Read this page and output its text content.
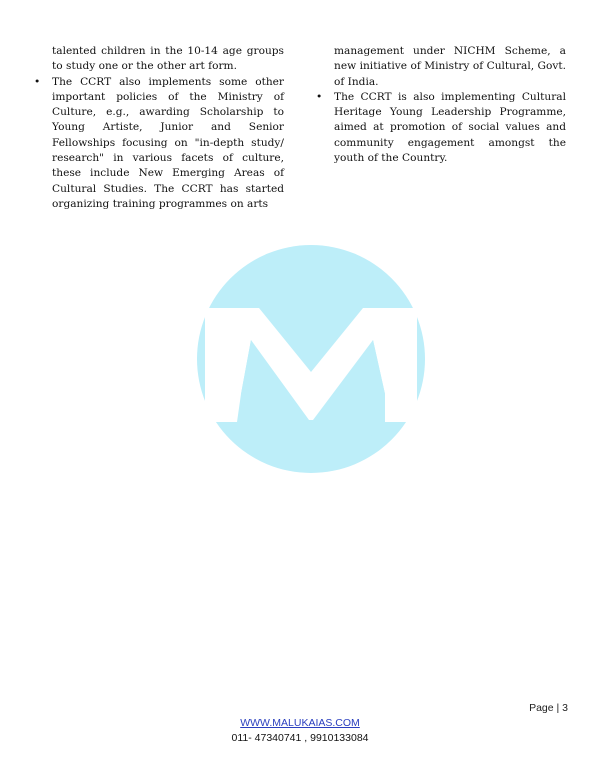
talented children in the 10-14 age groups to study one or the other art form.

• The CCRT also implements some other important policies of the Ministry of Culture, e.g., awarding Scholarship to Young Artiste, Junior and Senior Fellowships focusing on "in-depth study/ research" in various facets of culture, these include New Emerging Areas of Cultural Studies. The CCRT has started organizing training programmes on arts

management under NICHM Scheme, a new initiative of Ministry of Cultural, Govt. of India.

• The CCRT is also implementing Cultural Heritage Young Leadership Programme, aimed at promotion of social values and community engagement amongst the youth of the Country.

Page | 3
WWW.MALUKAIAS.COM
011- 47340741 , 9910133084
